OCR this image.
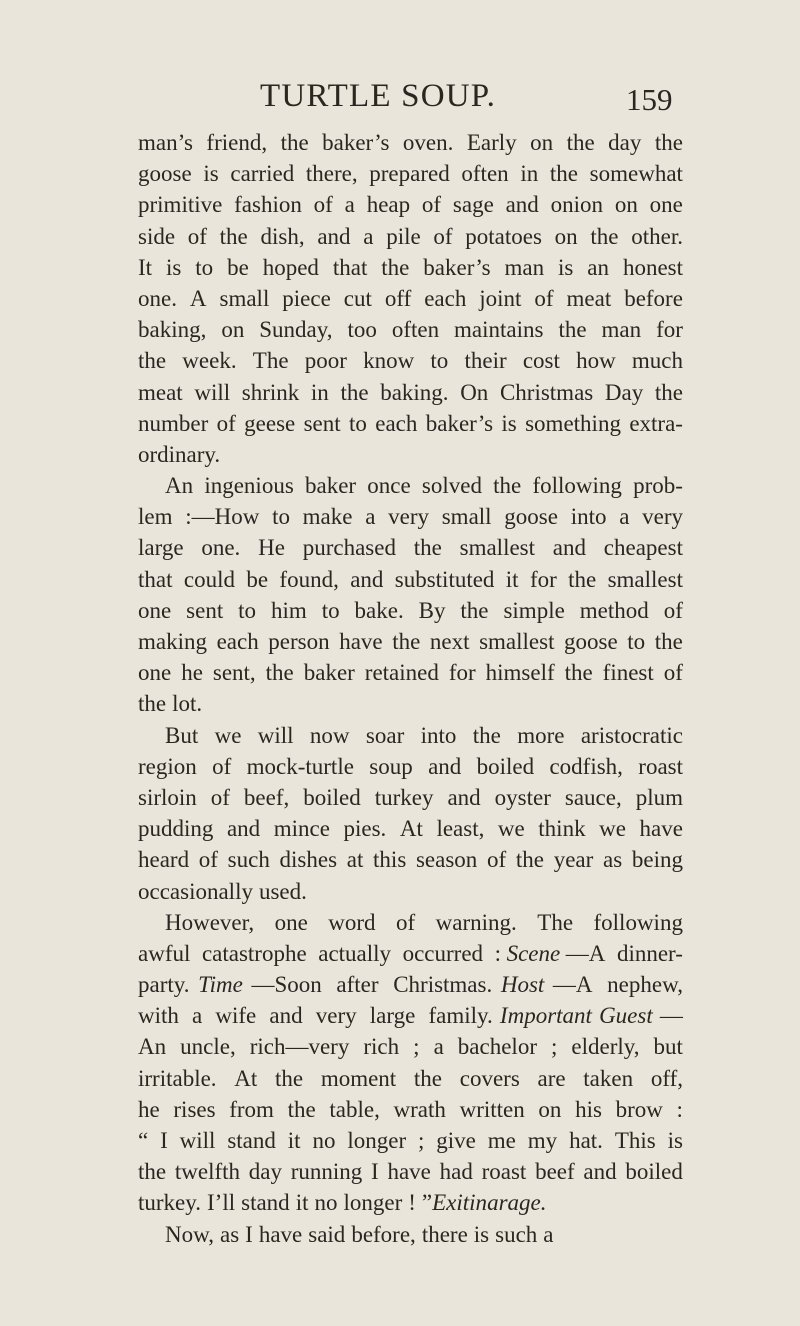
TURTLE SOUP.	159
man’s friend, the baker’s oven. Early on the day the
goose is carried there, prepared often in the somewhat
primitive fashion of a heap of sage and onion on one
side of the dish, and a pile of potatoes on the other.
It is to be hoped that the baker’s man is an honest
one. A small piece cut off each joint of meat before
baking, on Sunday, too often maintains the man for
the week. The poor know to their cost how much
meat will shrink in the baking. On Christmas Day the
number of geese sent to each baker’s is something extra-
ordinary.
An ingenious baker once solved the following prob-
lem :—How to make a very small goose into a very
large one. He purchased the smallest and cheapest
that could be found, and substituted it for the smallest
one sent to him to bake. By the simple method of
making each person have the next smallest goose to the
one he sent, the baker retained for himself the finest of
the lot.
But we will now soar into the more aristocratic
region of mock-turtle soup and boiled codfish, roast
sirloin of beef, boiled turkey and oyster sauce, plum
pudding and mince pies. At least, we think we have
heard of such dishes at this season of the year as being
occasionally used.
However, one word of warning. The following
awful catastrophe actually occurred : Scene —A dinner-
party. Time —Soon after Christmas. Host —A nephew,
with a wife and very large family. Important Guest —
An uncle, rich—very rich ; a bachelor ; elderly, but
irritable. At the moment the covers are taken off,
he rises from the table, wrath written on his brow :
“ I will stand it no longer ; give me my hat. This is
the twelfth day running I have had roast beef and boiled
turkey. I’ll stand it no longer ! ” Exit in a rage.
Now, as I have said before, there is such a
